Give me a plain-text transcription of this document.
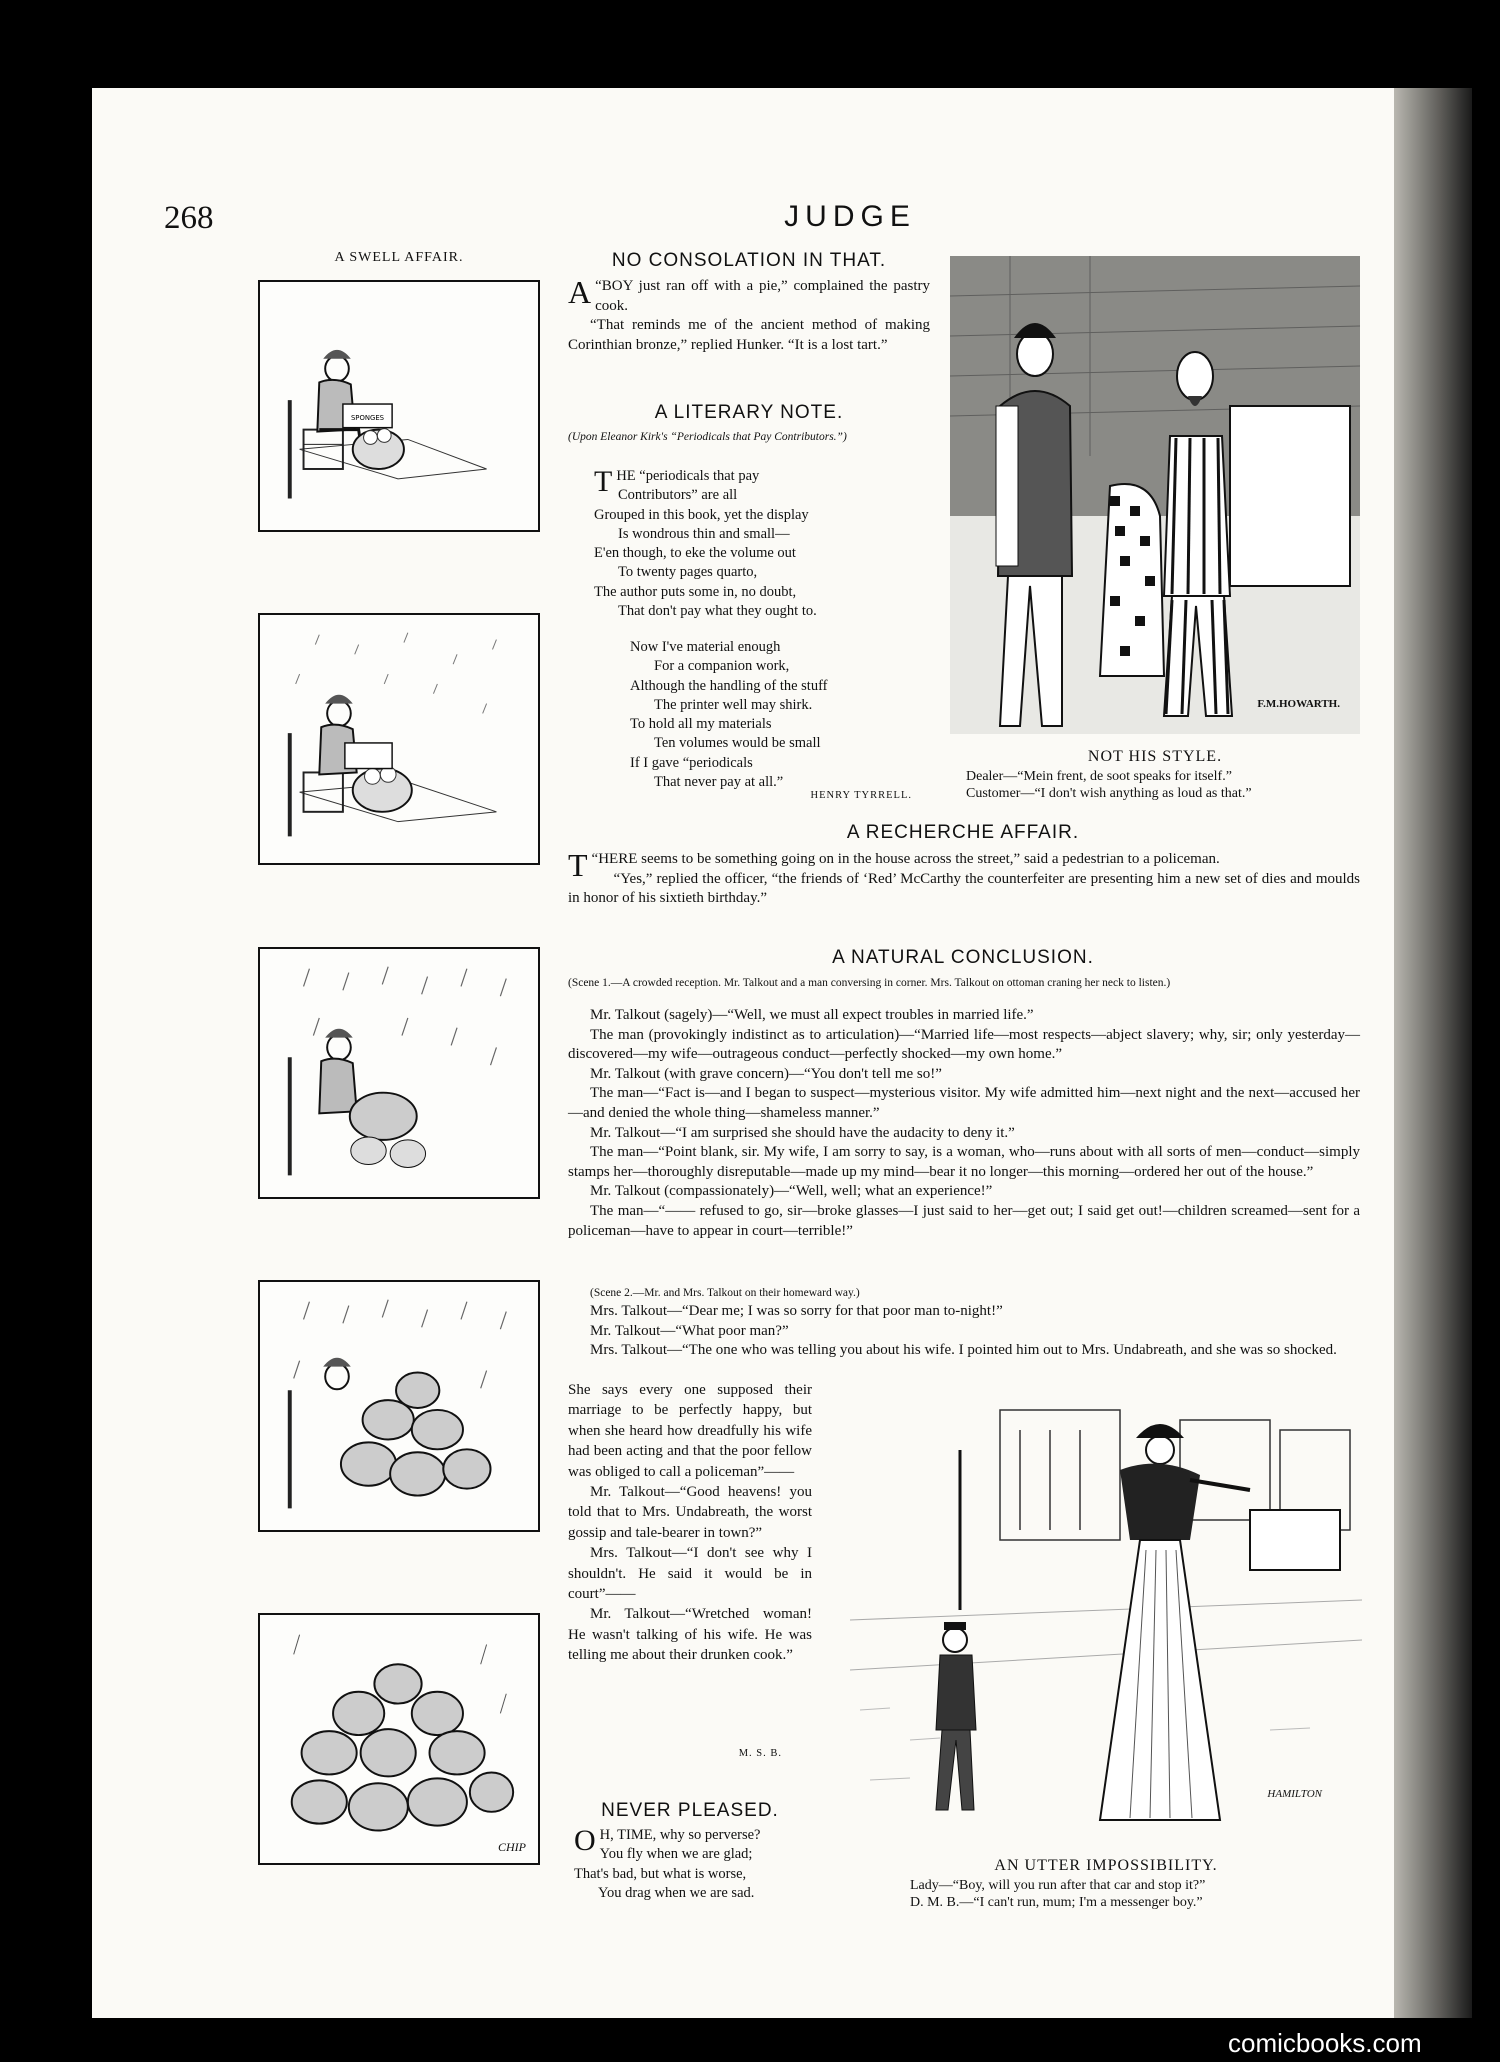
268	JUDGE
A SWELL AFFAIR.
SPONGES
CHIP
NO CONSOLATION IN THAT.

“
A BOY just ran off with a pie,” complained the pastry cook.

“That reminds me of the ancient method of making Corinthian bronze,” replied Hunker. “It is a lost tart.”

A LITERARY NOTE.
(Upon Eleanor Kirk's “Periodicals that Pay Contributors.”)
THE “periodicals that pay
Contributors” are all
Grouped in this book, yet the display
Is wondrous thin and small—
E'en though, to eke the volume out
To twenty pages quarto,
The author puts some in, no doubt,
That don't pay what they ought to.
Now I've material enough
For a companion work,
Although the handling of the stuff
The printer well may shirk.
To hold all my materials
Ten volumes would be small
If I gave “periodicals
That never pay at all.”
HENRY TYRRELL.
F.M.HOWARTH.
NOT HIS STYLE.
Dealer—“Mein frent, de soot speaks for itself.”
Customer—“I don't wish anything as loud as that.”
A RECHERCHE AFFAIR.

“
T HERE seems to be something going on in the house across the street,” said a pedestrian to a policeman.

“Yes,” replied the officer, “the friends of ‘Red’ McCarthy the counterfeiter are presenting him a new set of dies and moulds in honor of his sixtieth birthday.”

A NATURAL CONCLUSION.
(Scene 1.—A crowded reception. Mr. Talkout and a man conversing in corner. Mrs. Talkout on ottoman craning her neck to listen.)

Mr. Talkout (sagely)—“Well, we must all expect troubles in married life.”

The man (provokingly indistinct as to articulation)—“Married life—most respects—abject slavery; why, sir; only yesterday—discovered—my wife—outrageous conduct—perfectly shocked—my own home.”

Mr. Talkout (with grave concern)—“You don't tell me so!”

The man—“Fact is—and I began to suspect—mysterious visitor. My wife admitted him—next night and the next—accused her—and denied the whole thing—shameless manner.”

Mr. Talkout—“I am surprised she should have the audacity to deny it.”

The man—“Point blank, sir. My wife, I am sorry to say, is a woman, who—runs about with all sorts of men—conduct—simply stamps her—thoroughly disreputable—made up my mind—bear it no longer—this morning—ordered her out of the house.”

Mr. Talkout (compassionately)—“Well, well; what an experience!”

The man—“—— refused to go, sir—broke glasses—I just said to her—get out; I said get out!—children screamed—sent for a policeman—have to appear in court—terrible!”

(Scene 2.—Mr. and Mrs. Talkout on their homeward way.)

Mrs. Talkout—“Dear me; I was so sorry for that poor man to-night!”

Mr. Talkout—“What poor man?”

Mrs. Talkout—“The one who was telling you about his wife. I pointed him out to Mrs. Undabreath, and she was so shocked.

She says every one supposed their marriage to be perfectly happy, but when she heard how dreadfully his wife had been acting and that the poor fellow was obliged to call a policeman”——

Mr. Talkout—“Good heavens! you told that to Mrs. Undabreath, the worst gossip and tale-bearer in town?”

Mrs. Talkout—“I don't see why I shouldn't. He said it would be in court”——

Mr. Talkout—“Wretched woman! He wasn't talking of his wife. He was telling me about their drunken cook.”

M. S. B.
NEVER PLEASED.
O H, TIME, why so perverse?
You fly when we are glad;
That's bad, but what is worse,
You drag when we are sad.
HAMILTON
AN UTTER IMPOSSIBILITY.
Lady—“Boy, will you run after that car and stop it?”
D. M. B.—“I can't run, mum; I'm a messenger boy.”
comicbooks.com
